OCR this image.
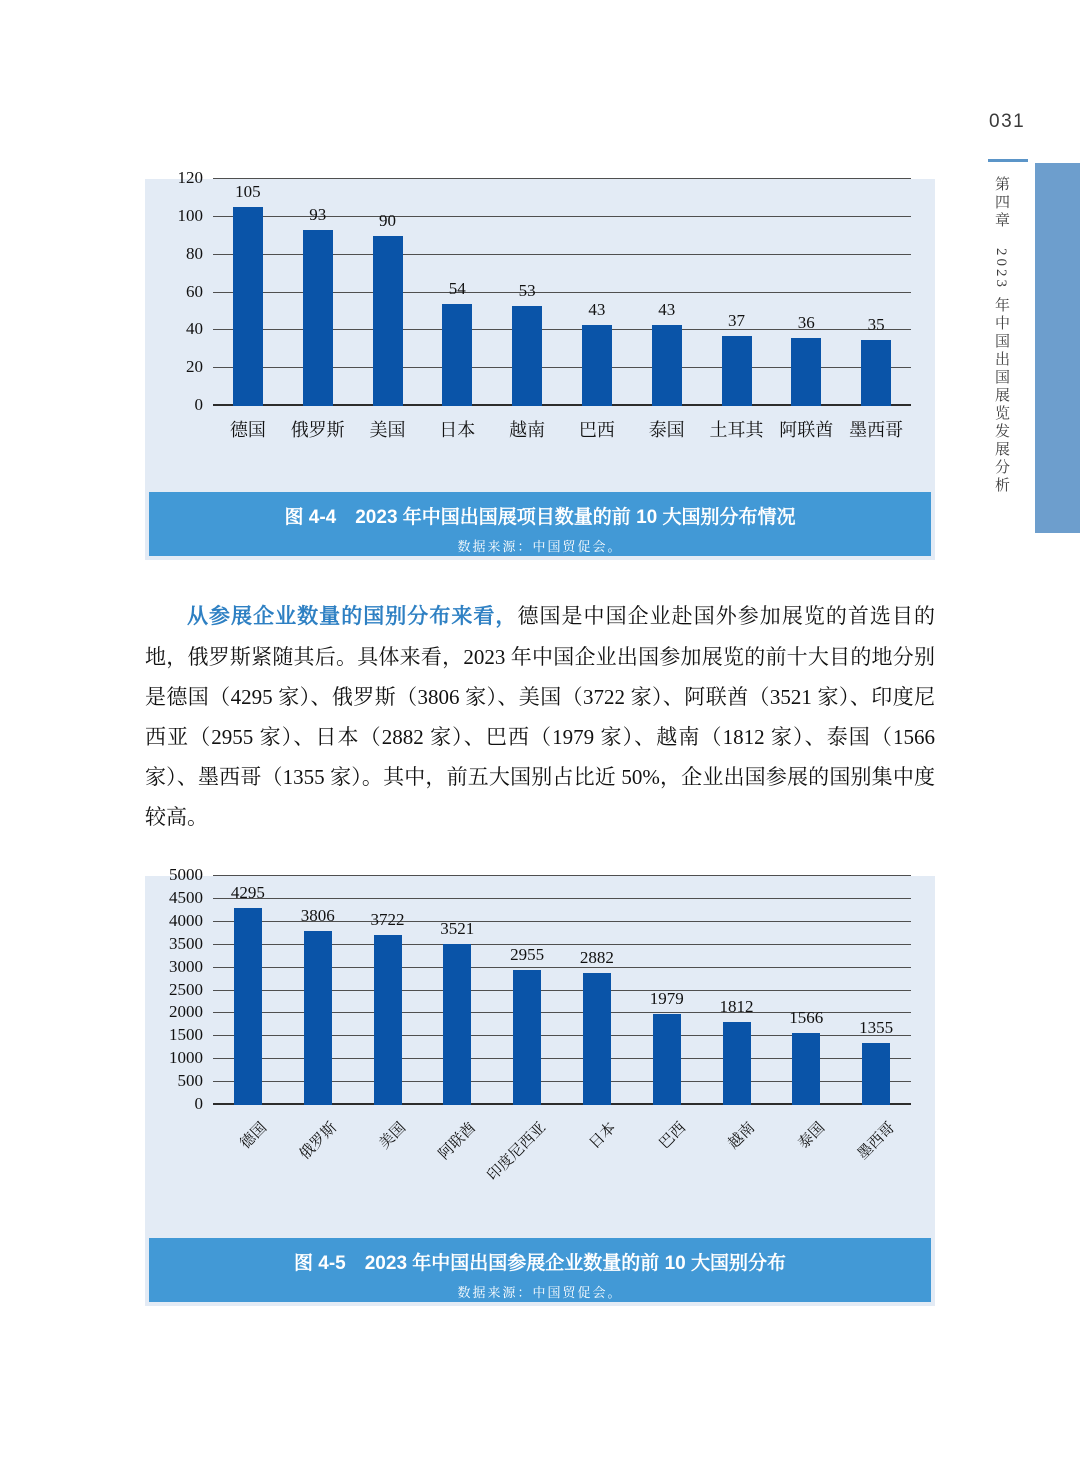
031
第四章　2023 年中国出国展览发展分析
0
20
40
60
80
100
120
105
德国
93
俄罗斯
90
美国
54
日本
53
越南
43
巴西
43
泰国
37
土耳其
36
阿联酋
35
墨西哥
图 4-4　2023 年中国出国展项目数量的前 10 大国别分布情况
数据来源：中国贸促会。

从参展企业数量的国别分布来看，德国是中国企业赴国外参加展览的首选目的地，俄罗斯紧随其后。具体来看，2023 年中国企业出国参加展览的前十大目的地分别是德国（4295 家）、俄罗斯（3806 家）、美国（3722 家）、阿联酋（3521 家）、印度尼西亚（2955 家）、日本（2882 家）、巴西（1979 家）、越南（1812 家）、泰国（1566 家）、墨西哥（1355 家）。其中，前五大国别占比近 50%，企业出国参展的国别集中度较高。

0
500
1000
1500
2000
2500
3000
3500
4000
4500
5000
4295
德国
3806
俄罗斯
3722
美国
3521
阿联酋
2955
印度尼西亚
2882
日本
1979
巴西
1812
越南
1566
泰国
1355
墨西哥
图 4-5　2023 年中国出国参展企业数量的前 10 大国别分布
数据来源：中国贸促会。
